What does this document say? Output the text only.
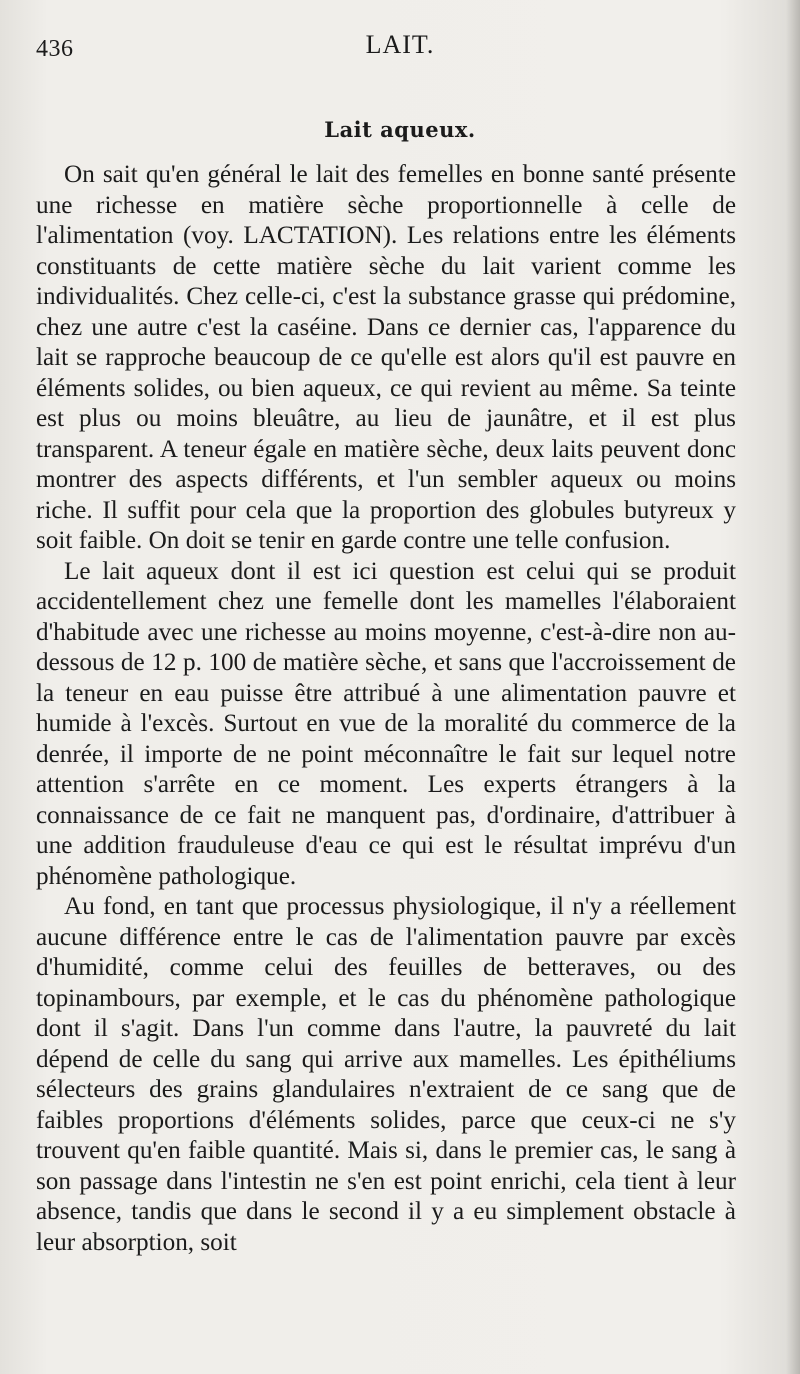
436	LAIT.
Lait aqueux.

On sait qu'en général le lait des femelles en bonne santé présente une richesse en matière sèche proportionnelle à celle de l'alimentation (voy. LACTATION). Les relations entre les éléments constituants de cette matière sèche du lait varient comme les individualités. Chez celle-ci, c'est la substance grasse qui prédomine, chez une autre c'est la caséine. Dans ce dernier cas, l'apparence du lait se rapproche beaucoup de ce qu'elle est alors qu'il est pauvre en éléments solides, ou bien aqueux, ce qui revient au même. Sa teinte est plus ou moins bleuâtre, au lieu de jaunâtre, et il est plus transparent. A teneur égale en matière sèche, deux laits peuvent donc montrer des aspects différents, et l'un sembler aqueux ou moins riche. Il suffit pour cela que la proportion des globules butyreux y soit faible. On doit se tenir en garde contre une telle confusion.

Le lait aqueux dont il est ici question est celui qui se produit accidentellement chez une femelle dont les mamelles l'élaboraient d'habitude avec une richesse au moins moyenne, c'est-à-dire non au-dessous de 12 p. 100 de matière sèche, et sans que l'accroissement de la teneur en eau puisse être attribué à une alimentation pauvre et humide à l'excès. Surtout en vue de la moralité du commerce de la denrée, il importe de ne point méconnaître le fait sur lequel notre attention s'arrête en ce moment. Les experts étrangers à la connaissance de ce fait ne manquent pas, d'ordinaire, d'attribuer à une addition frauduleuse d'eau ce qui est le résultat imprévu d'un phénomène pathologique.

Au fond, en tant que processus physiologique, il n'y a réellement aucune différence entre le cas de l'alimentation pauvre par excès d'humidité, comme celui des feuilles de betteraves, ou des topinambours, par exemple, et le cas du phénomène pathologique dont il s'agit. Dans l'un comme dans l'autre, la pauvreté du lait dépend de celle du sang qui arrive aux mamelles. Les épithéliums sélecteurs des grains glandulaires n'extraient de ce sang que de faibles proportions d'éléments solides, parce que ceux-ci ne s'y trouvent qu'en faible quantité. Mais si, dans le premier cas, le sang à son passage dans l'intestin ne s'en est point enrichi, cela tient à leur absence, tandis que dans le second il y a eu simplement obstacle à leur absorption, soit
